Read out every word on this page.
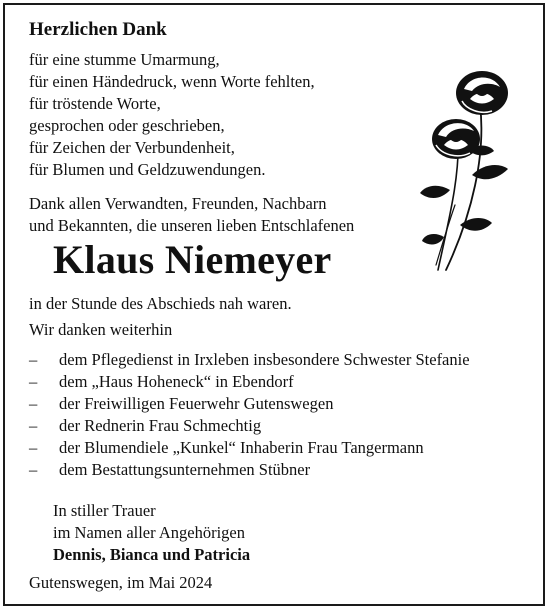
Herzlichen Dank
für eine stumme Umarmung,
für einen Händedruck, wenn Worte fehlten,
für tröstende Worte,
gesprochen oder geschrieben,
für Zeichen der Verbundenheit,
für Blumen und Geldzuwendungen.
Dank allen Verwandten, Freunden, Nachbarn
und Bekannten, die unseren lieben Entschlafenen
Klaus Niemeyer

in der Stunde des Abschieds nah waren.

Wir danken weiterhin

–	dem Pflegedienst in Irxleben insbesondere Schwester Stefanie
–	dem „Haus Hoheneck“ in Ebendorf
–	der Freiwilligen Feuerwehr Gutenswegen
–	der Rednerin Frau Schmechtig
–	der Blumendiele „Kunkel“ Inhaberin Frau Tangermann
–	dem Bestattungsunternehmen Stübner
In stiller Trauer
im Namen aller Angehörigen
Dennis, Bianca und Patricia

Gutenswegen, im Mai 2024
